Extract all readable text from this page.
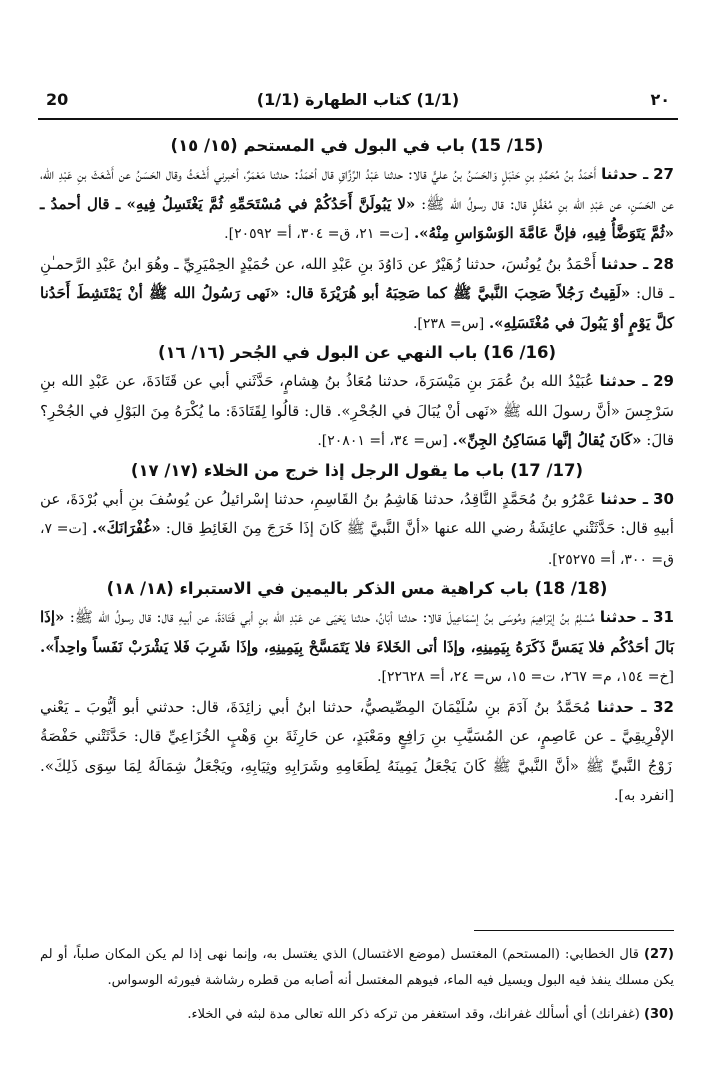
20	(1/1) كتاب الطهارة (1/1)	٢٠

(15/ 15) باب في البول في المستحم (١٥/ ١٥)

27 ـ حدثنا أَحْمَدُ بنُ مُحَمَّدِ بنِ حَنْبَلٍ وَالحَسَنُ بنُ عليٍّ قالا: حدثنا عَبْدُ الرَّزَّاقِ قال أحْمَدُ: حدثنا مَعْمَرٌ، أخبرني أَشْعَثُ وقال الحَسَنُ عن أَشْعَثَ بنِ عَبْدِ الله، عن الحَسَنِ، عن عَبْدِ الله بنِ مُغَفَّلٍ قال: قال رسولُ الله ﷺ: «لا يَبُولَنَّ أَحَدُكُمْ في مُسْتَحَمِّهِ ثُمَّ يَغْتَسِلُ فِيهِ» ـ قال أحمدُ ـ «ثُمَّ يَتَوَضَّأُ فِيهِ، فإنَّ عَامَّةَ الوَسْوَاسِ مِنْهُ». [ت= ٢١، ق= ٣٠٤، أ= ٢٠٥٩٢].

28 ـ حدثنا أَحْمَدُ بنُ يُونُسَ، حدثنا زُهَيْرٌ عن دَاوُدَ بنِ عَبْدِ الله، عن حُمَيْدٍ الحِمْيَرِيِّ ـ وهُوَ ابنُ عَبْدِ الرَّحمـٰنِ ـ قال: «لَقِيتُ رَجُلاً صَحِبَ النَّبيَّ ﷺ كما صَحِبَهُ أبو هُرَيْرَةَ قال: «نَهى رَسُولُ الله ﷺ أنْ يَمْتَشِطَ أَحَدُنا كلَّ يَوْمٍ أوْ يَبُولَ في مُغْتَسَلِهِ». [س= ٢٣٨].

(16/ 16) باب النهي عن البول في الجُحر (١٦/ ١٦)

29 ـ حدثنا عُبَيْدُ الله بنُ عُمَرَ بنِ مَيْسَرَةَ، حدثنا مُعَاذُ بنُ هِشامٍ، حَدَّثَني أبي عن قَتَادَةَ، عن عَبْدِ الله بنِ سَرْجِسَ «أنَّ رسولَ الله ﷺ «نَهى أنْ يُبَالَ في الجُحْرِ». قال: قالُوا لِقَتَادَةَ: ما يُكْرَهُ مِنَ البَوْلِ في الجُحْرِ؟ قالَ: «كَانَ يُقالُ إنَّها مَسَاكِنُ الجِنِّ». [س= ٣٤، أ= ٢٠٨٠١].

(17/ 17) باب ما يقول الرجل إذا خرج من الخلاء (١٧/ ١٧)

30 ـ حدثنا عَمْرُو بنُ مُحَمَّدٍ النَّاقِدُ، حدثنا هَاشِمُ بنُ القَاسِمِ، حدثنا إسْرائيلُ عن يُوسُفَ بنِ أبي بُرْدَةَ، عن أبيهِ قال: حَدَّثَتْني عائِشَةُ رضي الله عنها «أنَّ النَّبيَّ ﷺ كَانَ إذَا خَرَجَ مِنَ الغَائِطِ قال: «غُفْرَانَكَ». [ت= ٧، ق= ٣٠٠، أ= ٢٥٢٧٥].

(18/ 18) باب كراهية مس الذكر باليمين في الاستبراء (١٨/ ١٨)

31 ـ حدثنا مُسْلِمُ بنُ إبْرَاهِيمَ ومُوسَى بنُ إسْمَاعِيلَ قالا: حدثنا أبَانُ، حدثنا يَحْيَى عن عَبْدِ الله بنِ أبي قَتَادَةَ، عن أبيهِ قال: قال رسولُ الله ﷺ: «إذَا بَالَ أحَدُكُم فلا يَمَسَّ ذَكَرَهُ بِيَمِينِهِ، وإذَا أتى الخَلاءَ فلا يَتَمَسَّحْ بِيَمِينِهِ، وإذَا شَرِبَ فَلا يَشْرَبْ نَفَساً واحِداً». [خ= ١٥٤، م= ٢٦٧، ت= ١٥، س= ٢٤، أ= ٢٢٦٢٨].

32 ـ حدثنا مُحَمَّدُ بنُ آدَمَ بنِ سُلَيْمَانَ المِصِّيصيُّ، حدثنا ابنُ أبي زائِدَةَ، قال: حدثني أبو أيُّوبَ ـ يَعْني الإفْرِيقِيَّ ـ عن عَاصِمٍ، عن المُسَيَّبِ بنِ رَافِعٍ ومَعْبَدٍ، عن حَارِثَةَ بنِ وَهْبٍ الخُزَاعِيِّ قال: حَدَّثَتْني حَفْصَةُ زَوْجُ النَّبيِّ ﷺ «أنَّ النَّبيَّ ﷺ كَانَ يَجْعَلُ يَمِينَهُ لِطَعَامِهِ وشَرَابِهِ وثِيَابِهِ، ويَجْعَلُ شِمَالَهُ لِمَا سِوَى ذَلِكَ». [انفرد به].

(27) قال الخطابي: (المستحم) المغتسل (موضع الاغتسال) الذي يغتسل به، وإنما نهى إذا لم يكن المكان صلباً، أو لم يكن مسلك ينفذ فيه البول ويسيل فيه الماء، فيوهم المغتسل أنه أصابه من قطره رشاشة فيورثه الوسواس.

(30) (غفرانك) أي أسألك غفرانك، وقد استغفر من تركه ذكر الله تعالى مدة لبثه في الخلاء.
